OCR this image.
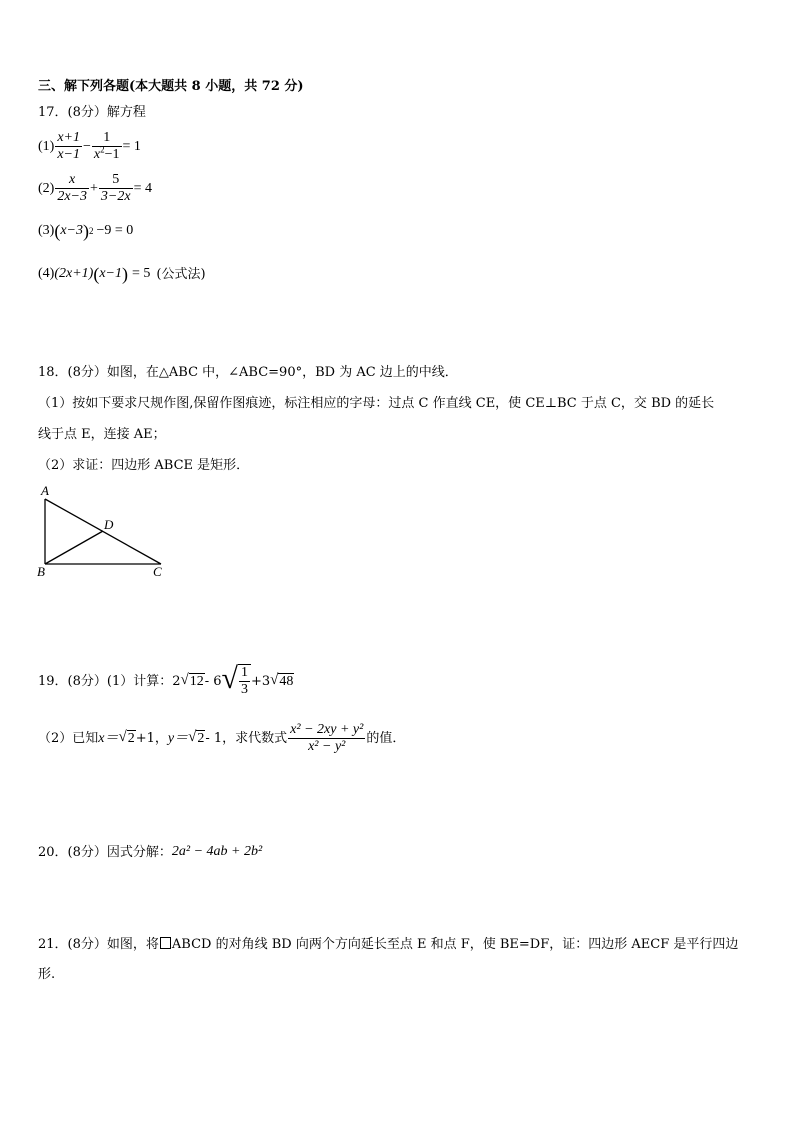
三、解下列各题(本大题共 8 小题，共 72 分)
17．(8分）解方程
$(1) \frac{x+1}{x-1} - \frac{1}{x^2-1} = 1$
$(2) \frac{x}{2x-3} + \frac{5}{3-2x} = 4$
(3) ( x−3 ) 2 −9 = 0
(4) (2x+1) ( x−1 ) = 5 (公式法)
18．(8分）如图，在△ABC 中，∠ABC=90°，BD 为 AC 边上的中线．
（1）按如下要求尺规作图,保留作图痕迹，标注相应的字母：过点 C 作直线 CE，使 CE⊥BC 于点 C，交 BD 的延长
线于点 E，连接 AE；
（2）求证：四边形 ABCE 是矩形．
A
B	C
D
19．(8分）(1）计算：2 √ 12 - 6 √ $\frac{1}{3} +3$ √ 48
（2）已知 x＝ √ 2 +1， y＝ √ 2 - 1，求代数式 $\frac{\text{x² − 2xy + y²}}{\text{x² − y²}}$ 的值．
20．(8分）因式分解： 2a² − 4ab + 2b²
21．(8分）如图，将 ABCD 的对角线 BD 向两个方向延长至点 E 和点 F，使 BE=DF，证：四边形 AECF 是平行四边
形.
